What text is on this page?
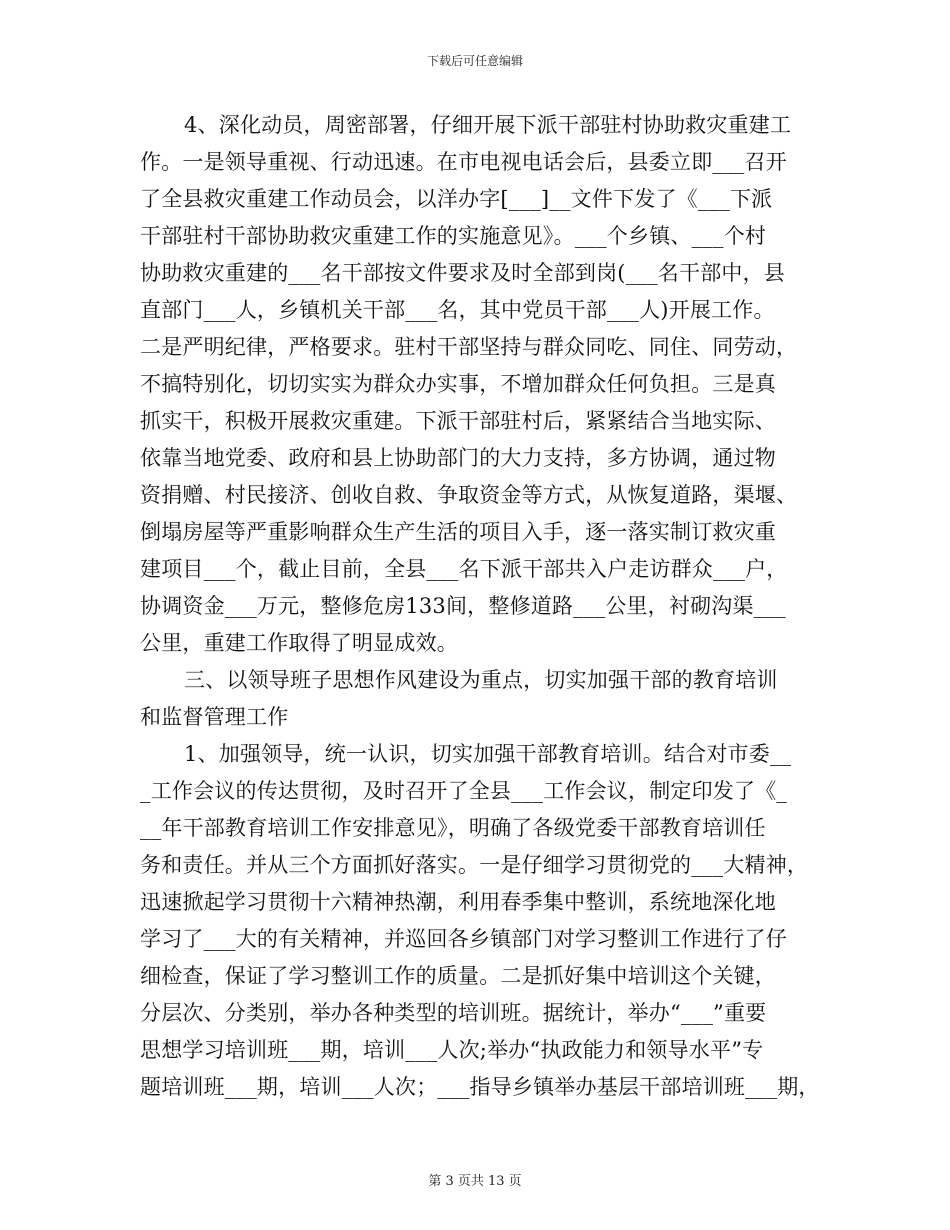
下载后可任意编辑
4、深化动员，周密部署，仔细开展下派干部驻村协助救灾重建工
作。一是领导重视、行动迅速。在市电视电话会后，县委立即___召开
了全县救灾重建工作动员会，以洋办字[___]__文件下发了《___下派
干部驻村干部协助救灾重建工作的实施意见》。___个乡镇、___个村
协助救灾重建的___名干部按文件要求及时全部到岗(___名干部中，县
直部门___人，乡镇机关干部___名，其中党员干部___人)开展工作。
二是严明纪律，严格要求。驻村干部坚持与群众同吃、同住、同劳动，
不搞特别化，切切实实为群众办实事，不增加群众任何负担。三是真
抓实干，积极开展救灾重建。下派干部驻村后，紧紧结合当地实际、
依靠当地党委、政府和县上协助部门的大力支持，多方协调，通过物
资捐赠、村民接济、创收自救、争取资金等方式，从恢复道路，渠堰、
倒塌房屋等严重影响群众生产生活的项目入手，逐一落实制订救灾重
建项目___个，截止目前，全县___名下派干部共入户走访群众___户，
协调资金___万元，整修危房133间，整修道路___公里，衬砌沟渠___
公里，重建工作取得了明显成效。
三、以领导班子思想作风建设为重点，切实加强干部的教育培训
和监督管理工作
1、加强领导，统一认识，切实加强干部教育培训。结合对市委__
_工作会议的传达贯彻，及时召开了全县___工作会议，制定印发了《_
__年干部教育培训工作安排意见》，明确了各级党委干部教育培训任
务和责任。并从三个方面抓好落实。一是仔细学习贯彻党的___大精神，
迅速掀起学习贯彻十六精神热潮，利用春季集中整训，系统地深化地
学习了___大的有关精神，并巡回各乡镇部门对学习整训工作进行了仔
细检查，保证了学习整训工作的质量。二是抓好集中培训这个关键，
分层次、分类别，举办各种类型的培训班。据统计，举办“___”重要
思想学习培训班___期，培训___人次;举办“执政能力和领导水平”专
题培训班___期，培训___人次；___指导乡镇举办基层干部培训班___期，
第 3 页共 13 页
